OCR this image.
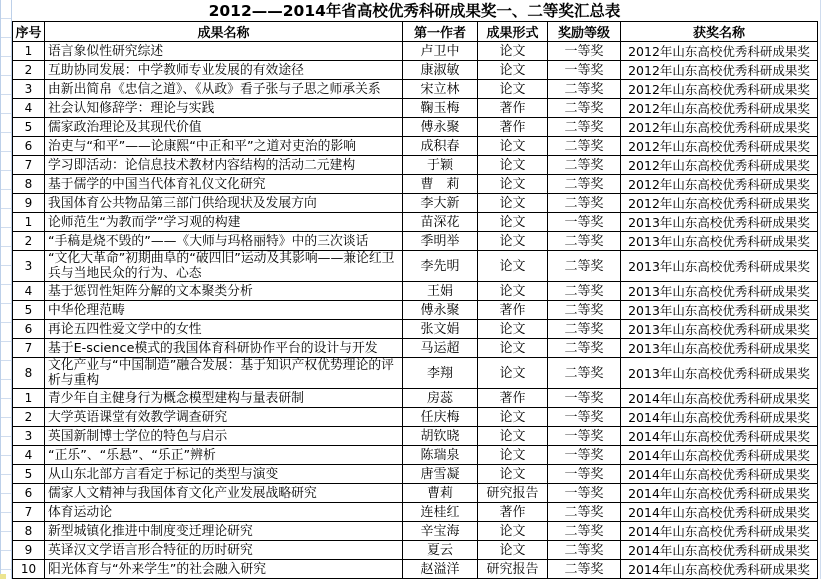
2012——2014年省高校优秀科研成果奖一、二等奖汇总表
序号	成果名称	第一作者	成果形式	奖励等级	获奖名称
1	语言象似性研究综述	卢卫中	论文	一等奖	2012年山东高校优秀科研成果奖
2	互助协同发展：中学教师专业发展的有效途径	康淑敏	论文	一等奖	2012年山东高校优秀科研成果奖
3	由新出简帛《忠信之道》、《从政》看子张与子思之师承关系	宋立林	论文	二等奖	2012年山东高校优秀科研成果奖
4	社会认知修辞学：理论与实践	鞠玉梅	著作	二等奖	2012年山东高校优秀科研成果奖
5	儒家政治理论及其现代价值	傅永聚	著作	二等奖	2012年山东高校优秀科研成果奖
6	治吏与“和平”——论康熙“中正和平”之道对吏治的影响	成积春	论文	二等奖	2012年山东高校优秀科研成果奖
7	学习即活动：论信息技术教材内容结构的活动二元建构	于颖	论文	二等奖	2012年山东高校优秀科研成果奖
8	基于儒学的中国当代体育礼仪文化研究	曹　莉	论文	二等奖	2012年山东高校优秀科研成果奖
9	我国体育公共物品第三部门供给现状及发展方向	李大新	论文	二等奖	2012年山东高校优秀科研成果奖
1	论师范生“为教而学”学习观的构建	苗深花	论文	一等奖	2013年山东高校优秀科研成果奖
2	“手稿是烧不毁的”——《大师与玛格丽特》中的三次谈话	季明举	论文	二等奖	2013年山东高校优秀科研成果奖
3	“文化大革命”初期曲阜的“破四旧”运动及其影响——兼论红卫兵与当地民众的行为、心态	李先明	论文	二等奖	2013年山东高校优秀科研成果奖
4	基于惩罚性矩阵分解的文本聚类分析	王娟	论文	二等奖	2013年山东高校优秀科研成果奖
5	中华伦理范畴	傅永聚	著作	二等奖	2013年山东高校优秀科研成果奖
6	再论五四性爱文学中的女性	张文娟	论文	二等奖	2013年山东高校优秀科研成果奖
7	基于E-science模式的我国体育科研协作平台的设计与开发	马运超	论文	二等奖	2013年山东高校优秀科研成果奖
8	文化产业与“中国制造”融合发展：基于知识产权优势理论的评析与重构	李翔	论文	二等奖	2013年山东高校优秀科研成果奖
1	青少年自主健身行为概念模型建构与量表研制	房蕊	著作	一等奖	2014年山东高校优秀科研成果奖
2	大学英语课堂有效教学调查研究	任庆梅	论文	一等奖	2014年山东高校优秀科研成果奖
3	英国新制博士学位的特色与启示	胡钦晓	论文	一等奖	2014年山东高校优秀科研成果奖
4	“正乐”、“乐悬”、“乐正”辨析	陈瑞泉	论文	一等奖	2014年山东高校优秀科研成果奖
5	从山东北部方言看定于标记的类型与演变	唐雪凝	论文	一等奖	2014年山东高校优秀科研成果奖
6	儒家人文精神与我国体育文化产业发展战略研究	曹莉	研究报告	一等奖	2014年山东高校优秀科研成果奖
7	体育运动论	连桂红	著作	二等奖	2014年山东高校优秀科研成果奖
8	新型城镇化推进中制度变迁理论研究	辛宝海	论文	二等奖	2014年山东高校优秀科研成果奖
9	英译汉文学语言形合特征的历时研究	夏云	论文	二等奖	2014年山东高校优秀科研成果奖
10	阳光体育与“外来学生”的社会融入研究	赵溢洋	研究报告	二等奖	2014年山东高校优秀科研成果奖
